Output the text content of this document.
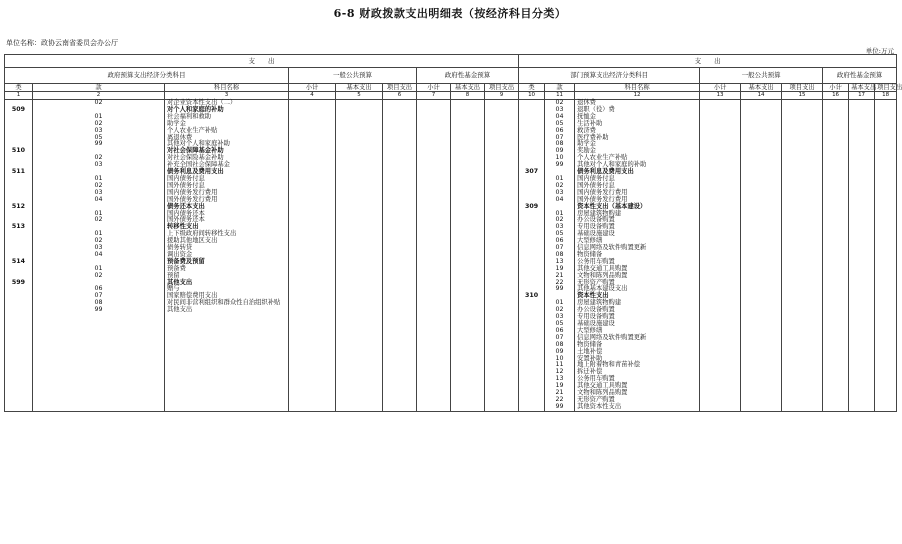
6-8 财政拨款支出明细表（按经济科目分类）
单位名称：政协云南省委员会办公厅
单位:万元
支　　出									支　　出								
政府预算支出经济分类科目			一般公共预算			政府性基金预算			部门预算支出经济分类科目			一般公共预算			政府性基金预算		
类	款	科目名称	小计	基本支出	项目支出	小计	基本支出	项目支出	类	款	科目名称	小计	基本支出	项目支出	小计	基本支出	项目支出
1	2	3	4	5	6	7	8	9	10	11	12	13	14	15	16	17	18
	02	对企业资本性支出（二）								02	退休费						
509		对个人和家庭的补助								03	退职（役）费						
	01	社会福利和救助								04	抚恤金						
	02	助学金								05	生活补助						
	03	个人农业生产补贴								06	救济费						
	05	离退休费								07	医疗费补助						
	99	其他对个人和家庭补助								08	助学金						
510		对社会保障基金补助								09	奖励金						
	02	对社会保险基金补助								10	个人农业生产补贴						
	03	补充全国社会保障基金								99	其他对个人和家庭的补助						
511		债务利息及费用支出							307		债务利息及费用支出						
	01	国内债务付息								01	国内债务付息						
	02	国外债务付息								02	国外债务付息						
	03	国内债务发行费用								03	国内债务发行费用						
	04	国外债务发行费用								04	国外债务发行费用						
512		债务还本支出							309		资本性支出（基本建设）						
	01	国内债务还本								01	房屋建筑物购建						
	02	国外债务还本								02	办公设备购置						
513		转移性支出								03	专用设备购置						
	01	上下级政府间转移性支出								05	基础设施建设						
	02	援助其他地区支出								06	大型修缮						
	03	债务转贷								07	信息网络及软件购置更新						
	04	调出资金								08	物资储备						
514		预备费及预留								13	公务用车购置						
	01	预备费								19	其他交通工具购置						
	02	预留								21	文物和陈列品购置						
599		其他支出								22	无形资产购置						
	06	赠与								99	其他基本建设支出						
	07	国家赔偿费用支出							310		资本性支出						
	08	对民间非营利组织和群众性自治组织补贴								01	房屋建筑物购建						
	99	其他支出								02	办公设备购置						
										03	专用设备购置						
										05	基础设施建设						
										06	大型修缮						
										07	信息网络及软件购置更新						
										08	物资储备						
										09	土地补偿						
										10	安置补助						
										11	地上附着物和青苗补偿						
										12	拆迁补偿						
										13	公务用车购置						
										19	其他交通工具购置						
										21	文物和陈列品购置						
										22	无形资产购置						
										99	其他资本性支出						
